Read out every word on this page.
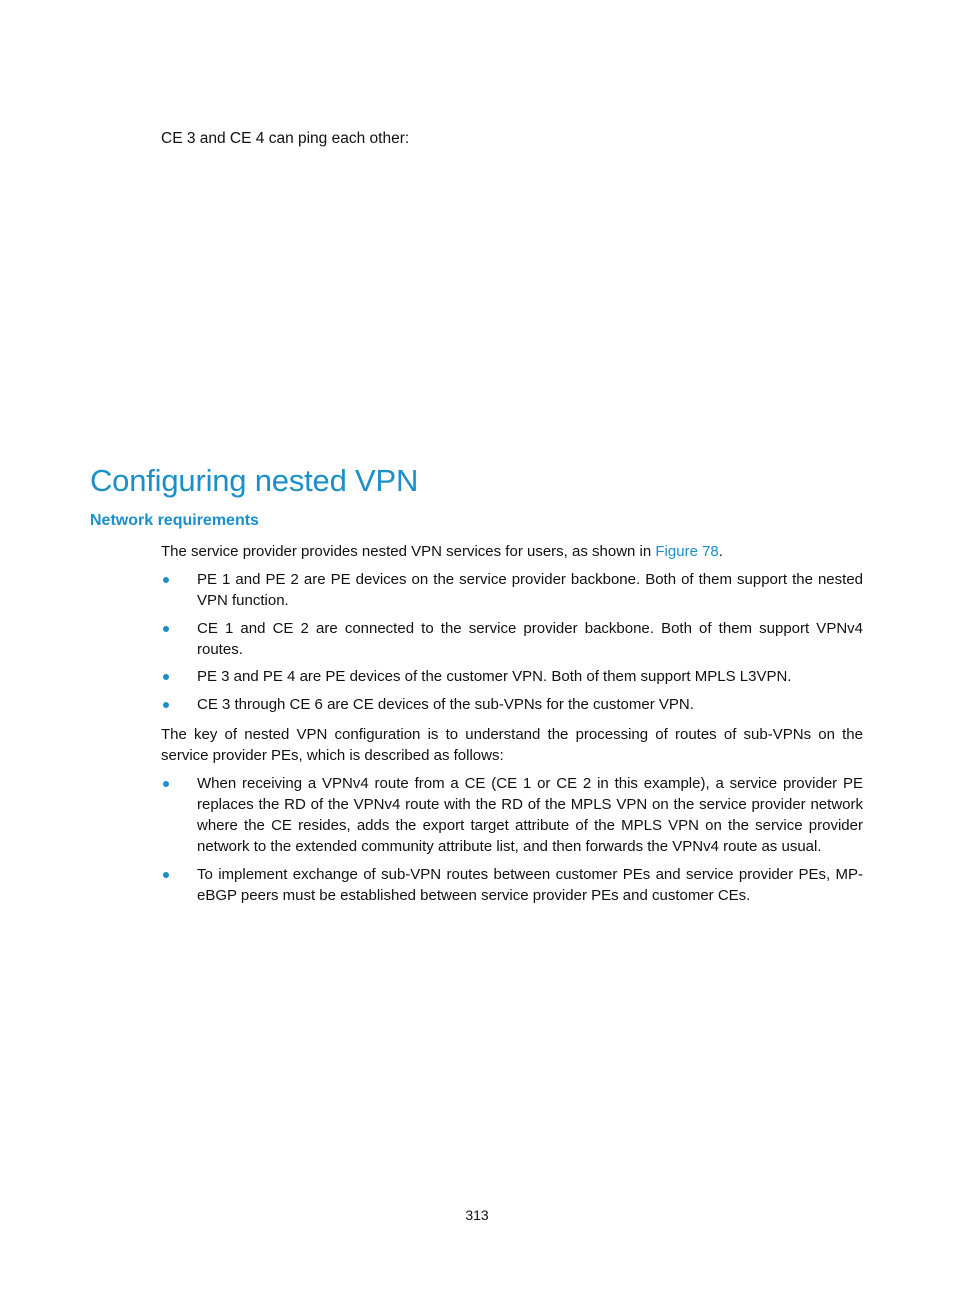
CE 3 and CE 4 can ping each other:
Configuring nested VPN
Network requirements
The service provider provides nested VPN services for users, as shown in Figure 78.
PE 1 and PE 2 are PE devices on the service provider backbone. Both of them support the nested VPN function.
CE 1 and CE 2 are connected to the service provider backbone. Both of them support VPNv4 routes.
PE 3 and PE 4 are PE devices of the customer VPN. Both of them support MPLS L3VPN.
CE 3 through CE 6 are CE devices of the sub-VPNs for the customer VPN.
The key of nested VPN configuration is to understand the processing of routes of sub-VPNs on the service provider PEs, which is described as follows:
When receiving a VPNv4 route from a CE (CE 1 or CE 2 in this example), a service provider PE replaces the RD of the VPNv4 route with the RD of the MPLS VPN on the service provider network where the CE resides, adds the export target attribute of the MPLS VPN on the service provider network to the extended community attribute list, and then forwards the VPNv4 route as usual.
To implement exchange of sub-VPN routes between customer PEs and service provider PEs, MP-eBGP peers must be established between service provider PEs and customer CEs.
313
